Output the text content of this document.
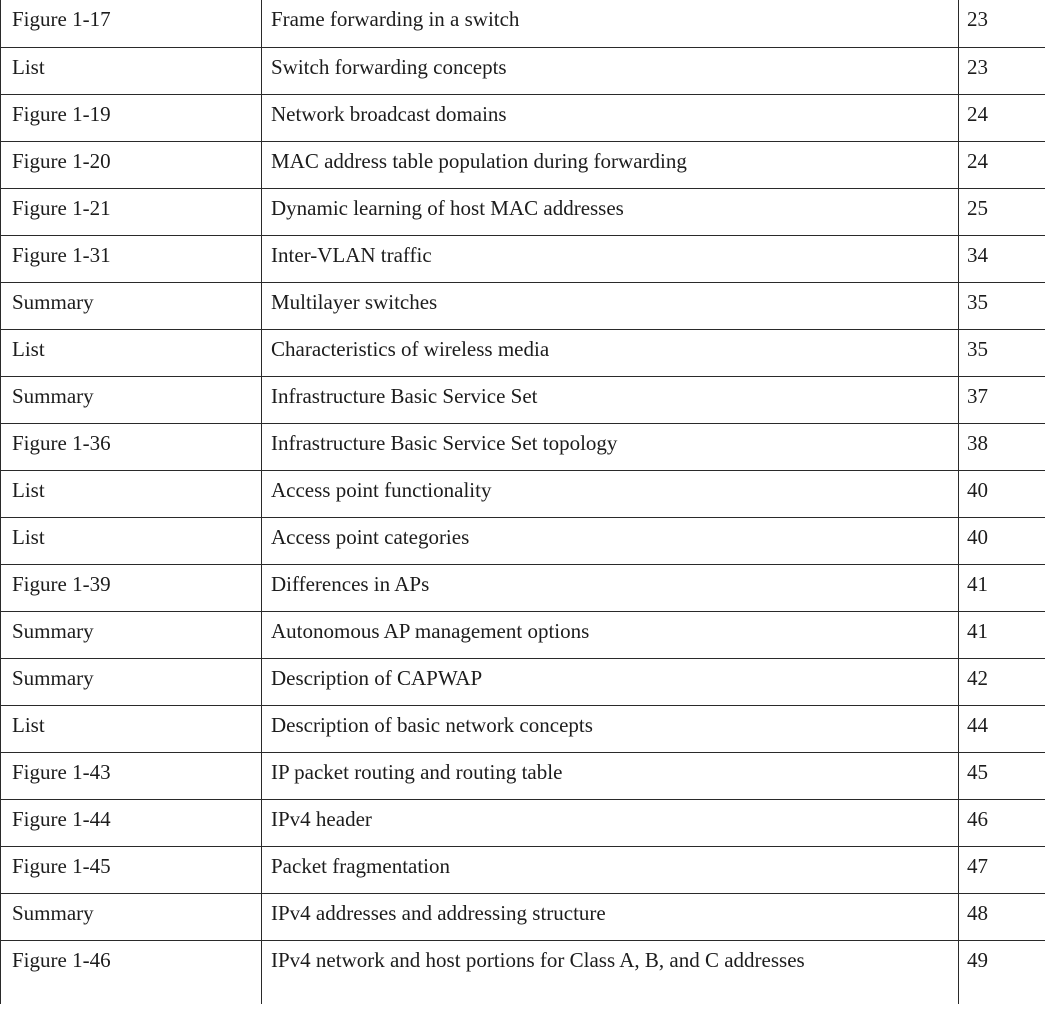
Figure 1-17	Frame forwarding in a switch	23
List	Switch forwarding concepts	23
Figure 1-19	Network broadcast domains	24
Figure 1-20	MAC address table population during forwarding	24
Figure 1-21	Dynamic learning of host MAC addresses	25
Figure 1-31	Inter-VLAN traffic	34
Summary	Multilayer switches	35
List	Characteristics of wireless media	35
Summary	Infrastructure Basic Service Set	37
Figure 1-36	Infrastructure Basic Service Set topology	38
List	Access point functionality	40
List	Access point categories	40
Figure 1-39	Differences in APs	41
Summary	Autonomous AP management options	41
Summary	Description of CAPWAP	42
List	Description of basic network concepts	44
Figure 1-43	IP packet routing and routing table	45
Figure 1-44	IPv4 header	46
Figure 1-45	Packet fragmentation	47
Summary	IPv4 addresses and addressing structure	48
Figure 1-46	IPv4 network and host portions for Class A, B, and C addresses	49
